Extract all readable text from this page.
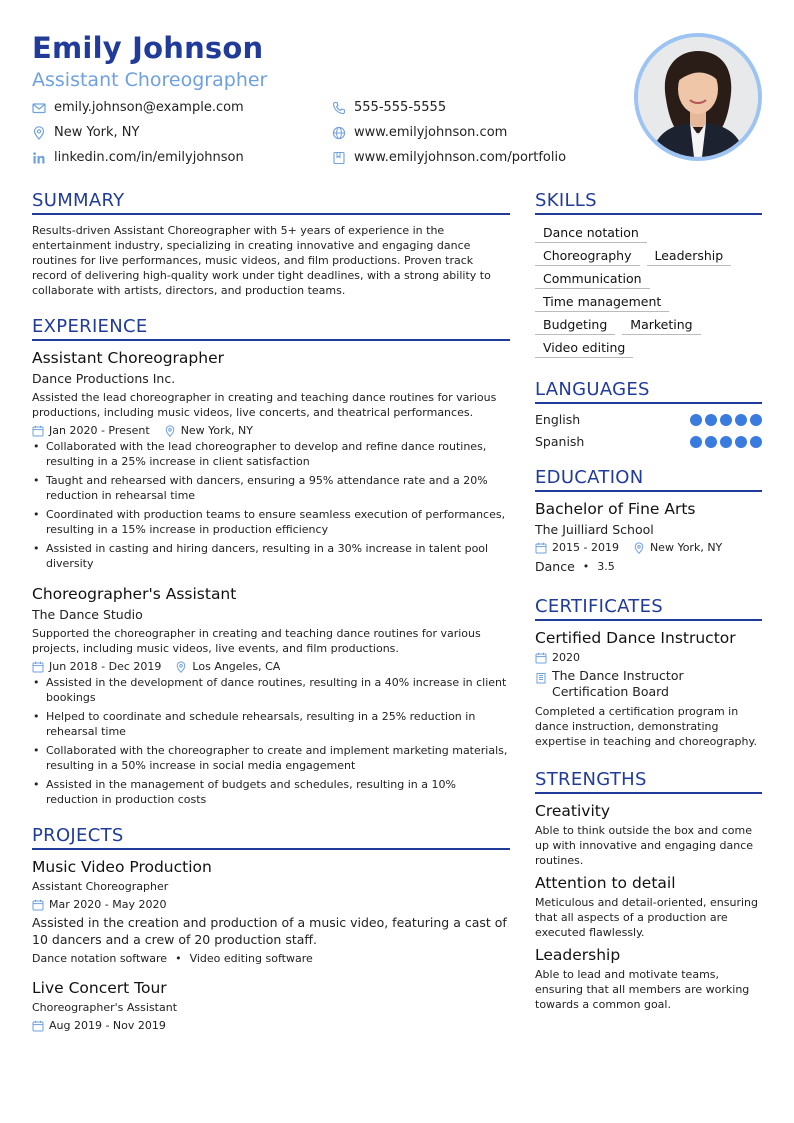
Emily Johnson
Assistant Choreographer
emily.johnson@example.com	555-555-5555
New York, NY	www.emilyjohnson.com
linkedin.com/in/emilyjohnson	www.emilyjohnson.com/portfolio
SUMMARY
Results-driven Assistant Choreographer with 5+ years of experience in the entertainment industry, specializing in creating innovative and engaging dance routines for live performances, music videos, and film productions. Proven track record of delivering high-quality work under tight deadlines, with a strong ability to collaborate with artists, directors, and production teams.
EXPERIENCE
Assistant Choreographer
Dance Productions Inc.
Assisted the lead choreographer in creating and teaching dance routines for various productions, including music videos, live concerts, and theatrical performances.
Jan 2020 - Present	New York, NY
• Collaborated with the lead choreographer to develop and refine dance routines, resulting in a 25% increase in client satisfaction
• Taught and rehearsed with dancers, ensuring a 95% attendance rate and a 20% reduction in rehearsal time
• Coordinated with production teams to ensure seamless execution of performances, resulting in a 15% increase in production efficiency
• Assisted in casting and hiring dancers, resulting in a 30% increase in talent pool diversity
Choreographer's Assistant
The Dance Studio
Supported the choreographer in creating and teaching dance routines for various projects, including music videos, live events, and film productions.
Jun 2018 - Dec 2019	Los Angeles, CA
• Assisted in the development of dance routines, resulting in a 40% increase in client bookings
• Helped to coordinate and schedule rehearsals, resulting in a 25% reduction in rehearsal time
• Collaborated with the choreographer to create and implement marketing materials, resulting in a 50% increase in social media engagement
• Assisted in the management of budgets and schedules, resulting in a 10% reduction in production costs
PROJECTS
Music Video Production
Assistant Choreographer
Mar 2020 - May 2020
Assisted in the creation and production of a music video, featuring a cast of 10 dancers and a crew of 20 production staff.
Dance notation software • Video editing software
Live Concert Tour
Choreographer's Assistant
Aug 2019 - Nov 2019
SKILLS
Dance notation
Choreography	Leadership
Communication
Time management
Budgeting	Marketing
Video editing
LANGUAGES
English
Spanish
EDUCATION
Bachelor of Fine Arts
The Juilliard School
2015 - 2019	New York, NY
Dance • 3.5
CERTIFICATES
Certified Dance Instructor
2020
The Dance Instructor Certification Board
Completed a certification program in dance instruction, demonstrating expertise in teaching and choreography.
STRENGTHS
Creativity
Able to think outside the box and come up with innovative and engaging dance routines.
Attention to detail
Meticulous and detail-oriented, ensuring that all aspects of a production are executed flawlessly.
Leadership
Able to lead and motivate teams, ensuring that all members are working towards a common goal.
